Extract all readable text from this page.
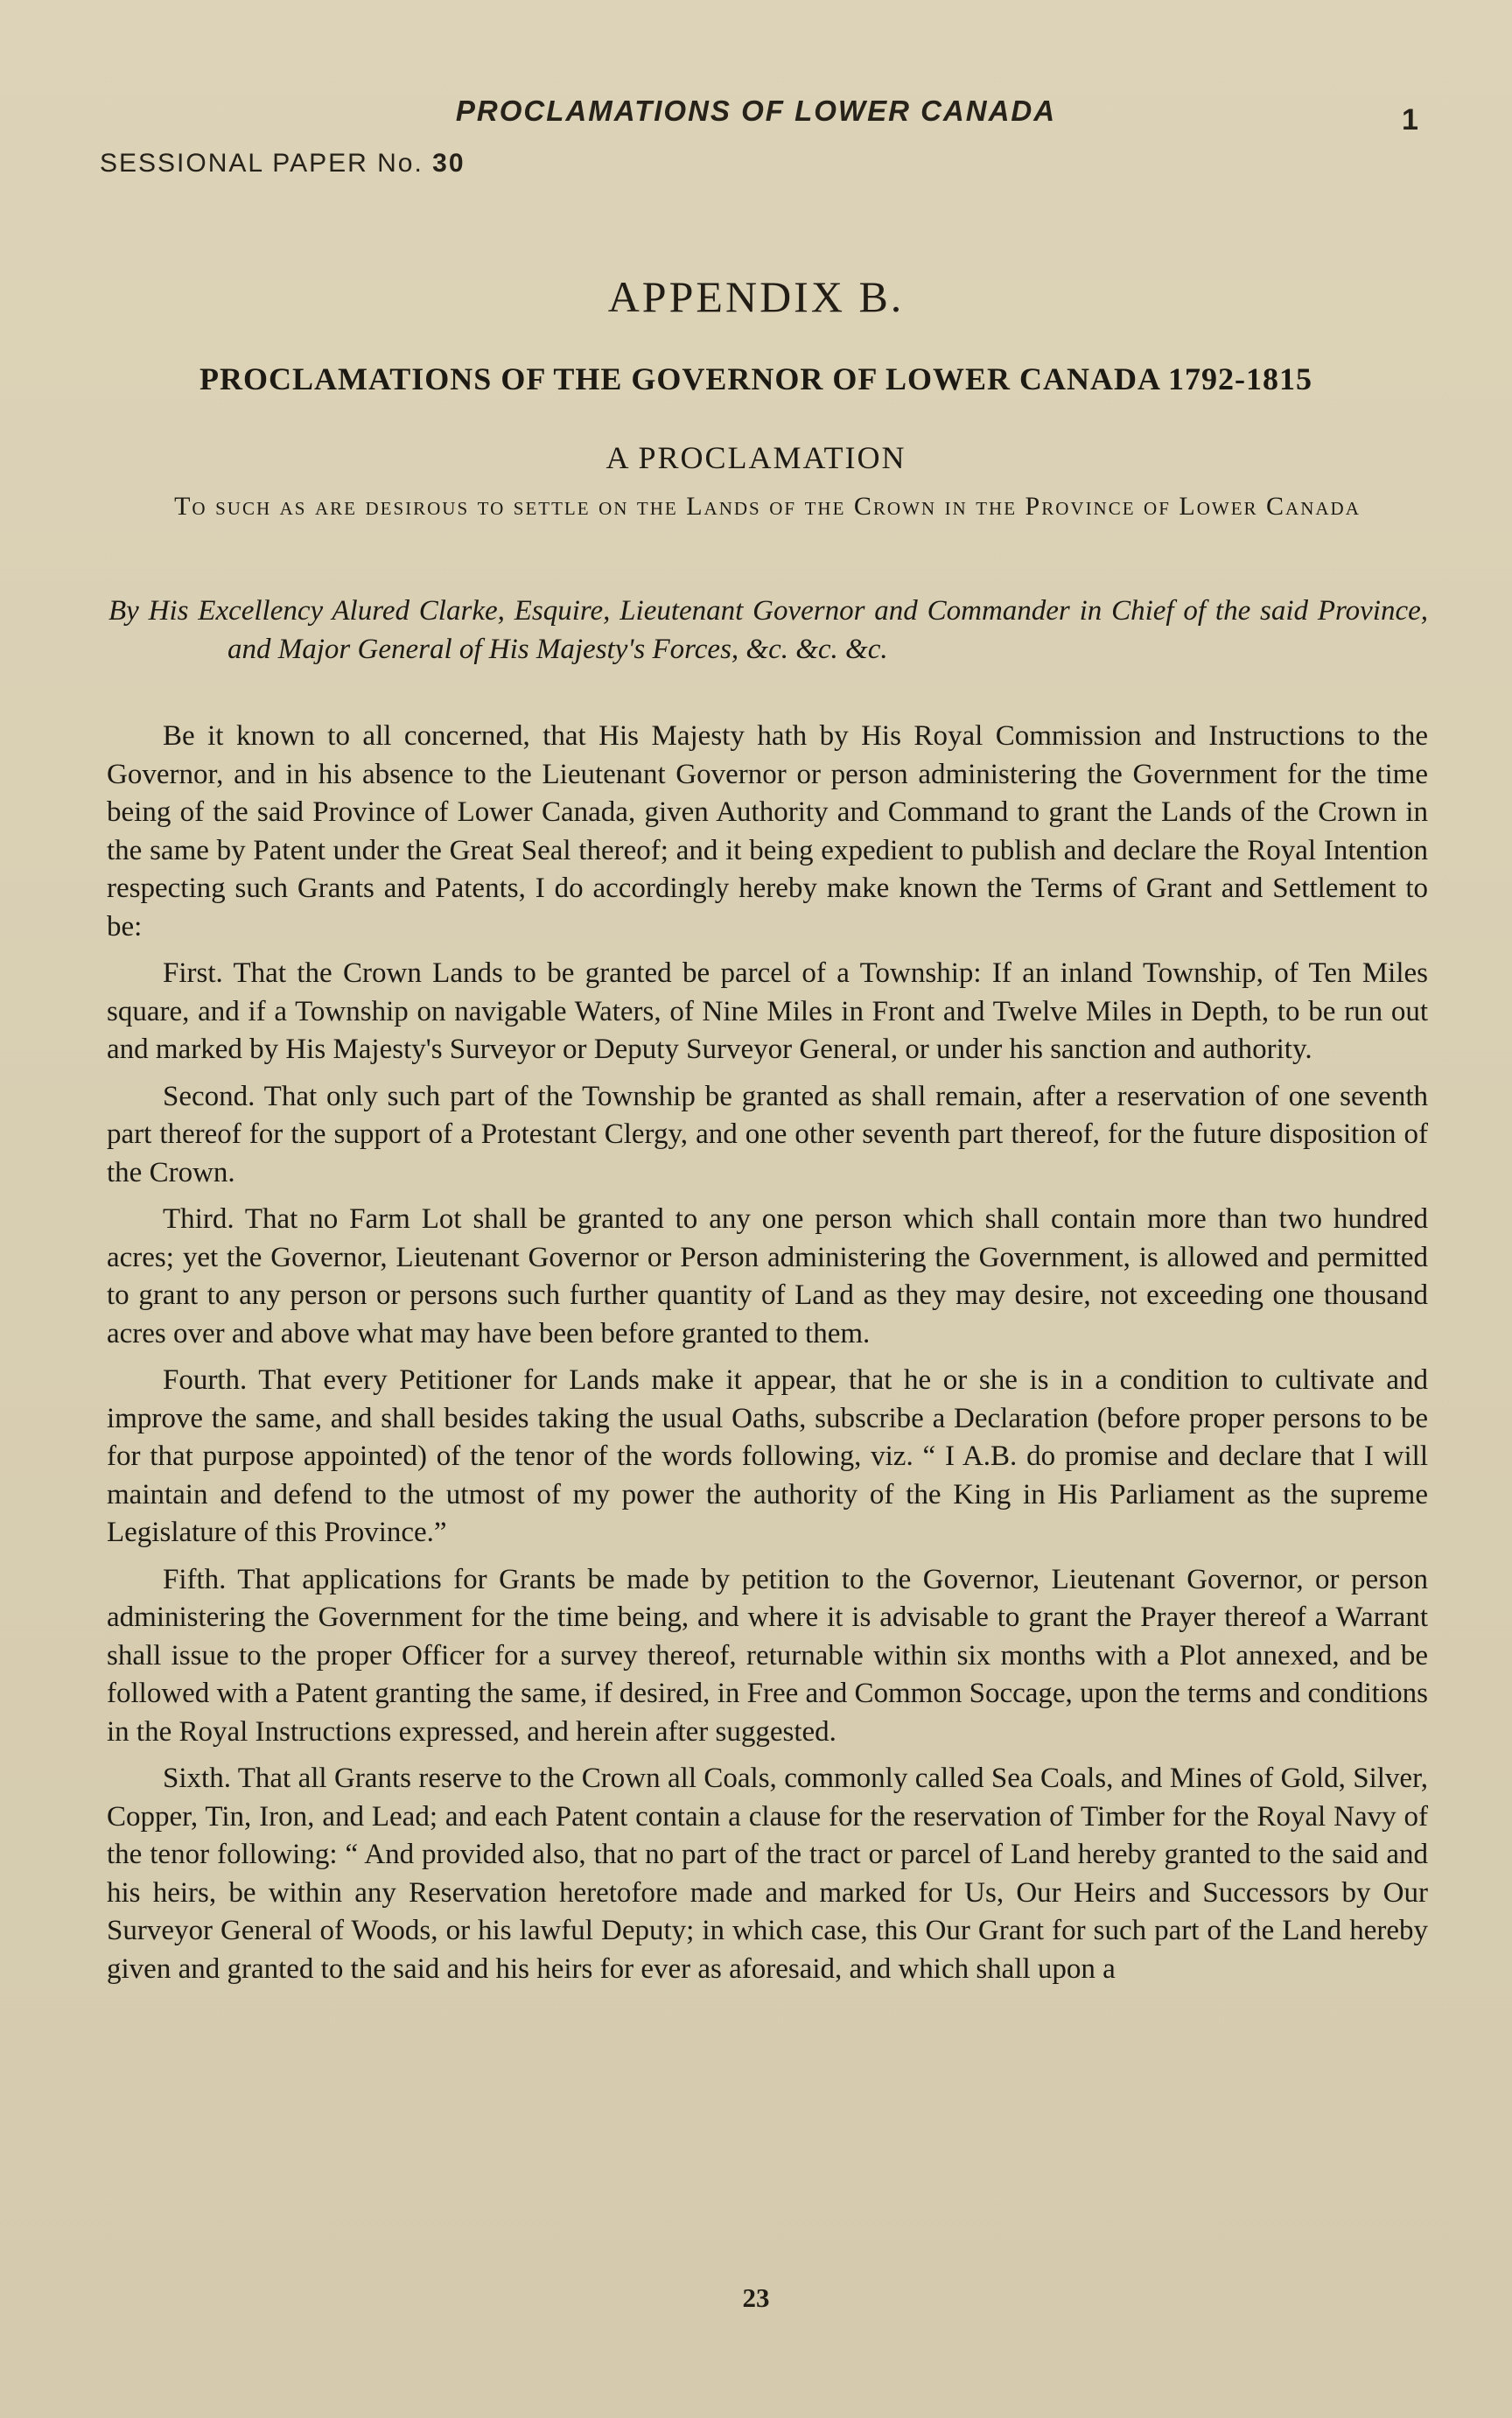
PROCLAMATIONS OF LOWER CANADA	1
SESSIONAL PAPER No. 30
APPENDIX B.
PROCLAMATIONS OF THE GOVERNOR OF LOWER CANADA 1792-1815
A PROCLAMATION
To such as are desirous to settle on the Lands of the Crown in the Province of Lower Canada
By His Excellency Alured Clarke, Esquire, Lieutenant Governor and Commander in Chief of the said Province, and Major General of His Majesty's Forces, &c. &c. &c.

Be it known to all concerned, that His Majesty hath by His Royal Commission and Instructions to the Governor, and in his absence to the Lieutenant Governor or person administering the Government for the time being of the said Province of Lower Canada, given Authority and Command to grant the Lands of the Crown in the same by Patent under the Great Seal thereof; and it being expedient to publish and declare the Royal Intention respecting such Grants and Patents, I do accordingly hereby make known the Terms of Grant and Settlement to be:

First. That the Crown Lands to be granted be parcel of a Township: If an inland Township, of Ten Miles square, and if a Township on navigable Waters, of Nine Miles in Front and Twelve Miles in Depth, to be run out and marked by His Majesty's Surveyor or Deputy Surveyor General, or under his sanction and authority.

Second. That only such part of the Township be granted as shall remain, after a reservation of one seventh part thereof for the support of a Protestant Clergy, and one other seventh part thereof, for the future disposition of the Crown.

Third. That no Farm Lot shall be granted to any one person which shall contain more than two hundred acres; yet the Governor, Lieutenant Governor or Person administering the Government, is allowed and permitted to grant to any person or persons such further quantity of Land as they may desire, not exceeding one thousand acres over and above what may have been before granted to them.

Fourth. That every Petitioner for Lands make it appear, that he or she is in a condition to cultivate and improve the same, and shall besides taking the usual Oaths, subscribe a Declaration (before proper persons to be for that purpose appointed) of the tenor of the words following, viz. “ I A.B. do promise and declare that I will maintain and defend to the utmost of my power the authority of the King in His Parliament as the supreme Legislature of this Province.”

Fifth. That applications for Grants be made by petition to the Governor, Lieutenant Governor, or person administering the Government for the time being, and where it is advisable to grant the Prayer thereof a Warrant shall issue to the proper Officer for a survey thereof, returnable within six months with a Plot annexed, and be followed with a Patent granting the same, if desired, in Free and Common Soccage, upon the terms and conditions in the Royal Instructions expressed, and herein after suggested.

Sixth. That all Grants reserve to the Crown all Coals, commonly called Sea Coals, and Mines of Gold, Silver, Copper, Tin, Iron, and Lead; and each Patent contain a clause for the reservation of Timber for the Royal Navy of the tenor following: “ And provided also, that no part of the tract or parcel of Land hereby granted to the said and his heirs, be within any Reservation heretofore made and marked for Us, Our Heirs and Successors by Our Surveyor General of Woods, or his lawful Deputy; in which case, this Our Grant for such part of the Land hereby given and granted to the said and his heirs for ever as aforesaid, and which shall upon a

23
